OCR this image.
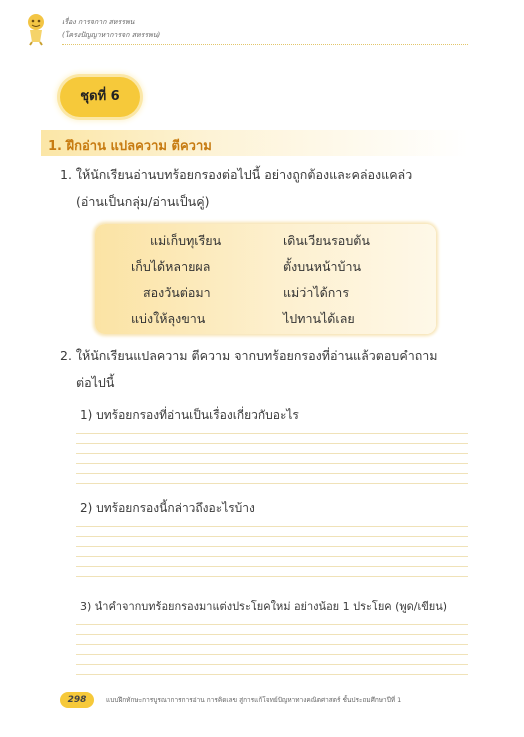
เรื่อง การจกาก สหรรพน
(โครงปัญญาหาการจก สหรรพน)
ชุดที่ 6
1. ฝึกอ่าน แปลความ ตีความ
1. ให้นักเรียนอ่านบทร้อยกรองต่อไปนี้ อย่างถูกต้องและคล่องแคล่ว
(อ่านเป็นกลุ่ม/อ่านเป็นคู่)
แม่เก็บทุเรียน	เดินเวียนรอบต้น
เก็บได้หลายผล	ตั้งบนหน้าบ้าน
สองวันต่อมา	แม่ว่าได้การ
แบ่งให้ลุงขาน	ไปทานได้เลย
2. ให้นักเรียนแปลความ ตีความ จากบทร้อยกรองที่อ่านแล้วตอบคำถาม
ต่อไปนี้
1) บทร้อยกรองที่อ่านเป็นเรื่องเกี่ยวกับอะไร
2) บทร้อยกรองนี้กล่าวถึงอะไรบ้าง
3) นำคำจากบทร้อยกรองมาแต่งประโยคใหม่ อย่างน้อย 1 ประโยค (พูด/เขียน)
298	แบบฝึกทักษะการบูรณาการการอ่าน การคิดเลข สู่การแก้โจทย์ปัญหาทางคณิตศาสตร์ ชั้นประถมศึกษาปีที่ 1
